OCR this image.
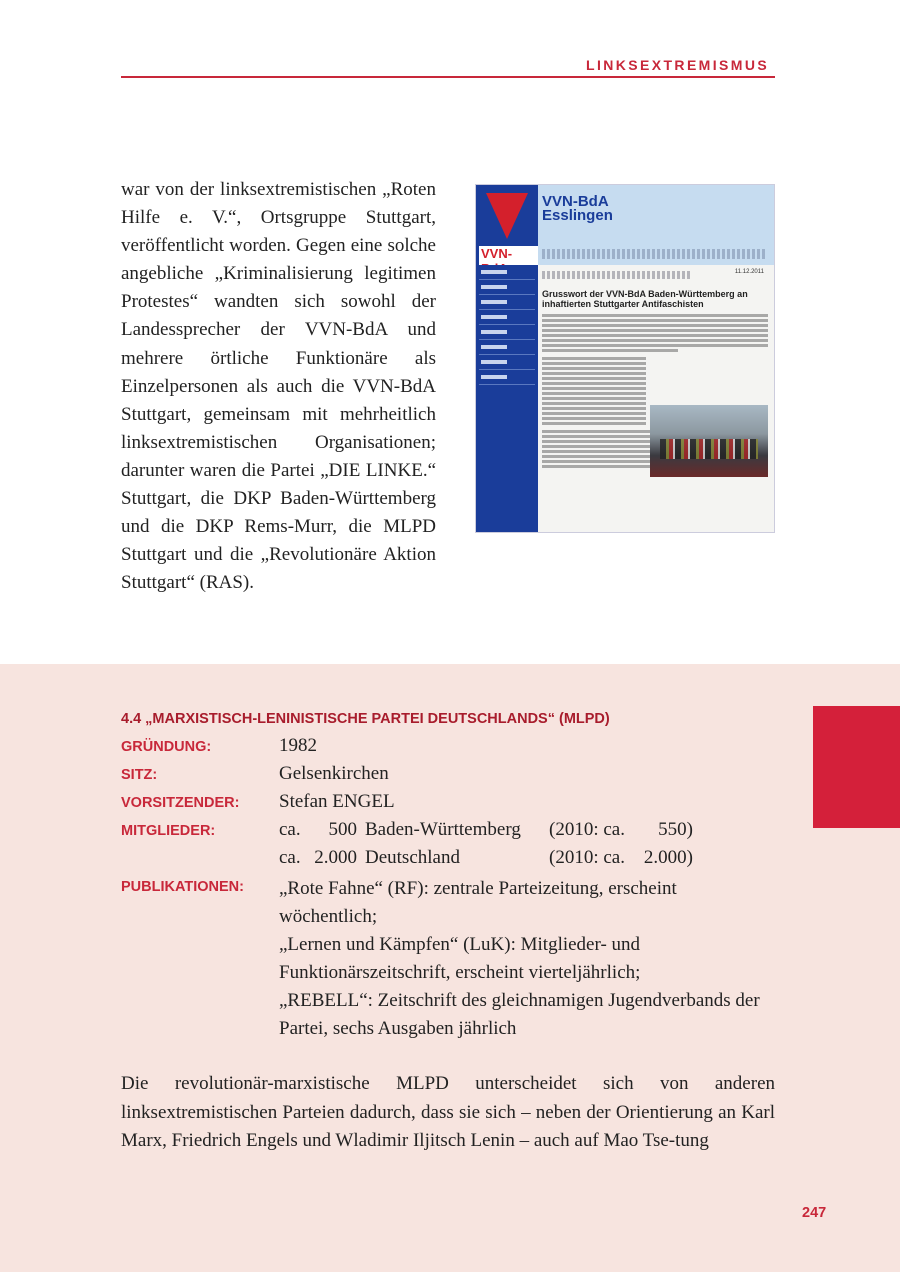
LINKSEXTREMISMUS
war von der linksextremistischen „Roten Hilfe e. V.“, Ortsgruppe Stuttgart, veröffentlicht worden. Gegen eine solche angebliche „Kriminalisierung legitimen Protestes“ wandten sich sowohl der Landessprecher der VVN-BdA und mehrere örtliche Funktionäre als Einzelpersonen als auch die VVN-BdA Stuttgart, gemeinsam mit mehrheitlich linksextremistischen Organisationen; darunter waren die Partei „DIE LINKE.“ Stuttgart, die DKP Baden-Württemberg und die DKP Rems-Murr, die MLPD Stuttgart und die „Revolutionäre Aktion Stuttgart“ (RAS).
VVN-
VVN-BdA
Esslingen
11.12.2011
Grusswort der VVN-BdA Baden-Württemberg an inhaftierten Stuttgarter Antifaschisten
4.4 „MARXISTISCH-LENINISTISCHE PARTEI DEUTSCHLANDS“ (MLPD)
GRÜNDUNG:	1982
SITZ:	Gelsenkirchen
VORSITZENDER: Stefan ENGEL
MITGLIEDER:	ca.	500 Baden-Württemberg (2010: ca.	550)
ca. 2.000 Deutschland	(2010: ca. 2.000)
PUBLIKATIONEN: „Rote Fahne“ (RF): zentrale Parteizeitung, erscheint wöchentlich;

„Lernen und Kämpfen“ (LuK): Mitglieder- und Funktionärszeitschrift, erscheint vierteljährlich;

„REBELL“: Zeitschrift des gleichnamigen Jugendverbands der Partei, sechs Ausgaben jährlich

Die revolutionär-marxistische MLPD unterscheidet sich von anderen linksextremistischen Parteien dadurch, dass sie sich – neben der Orientierung an Karl Marx, Friedrich Engels und Wladimir Iljitsch Lenin – auch auf Mao Tse-tung
247
